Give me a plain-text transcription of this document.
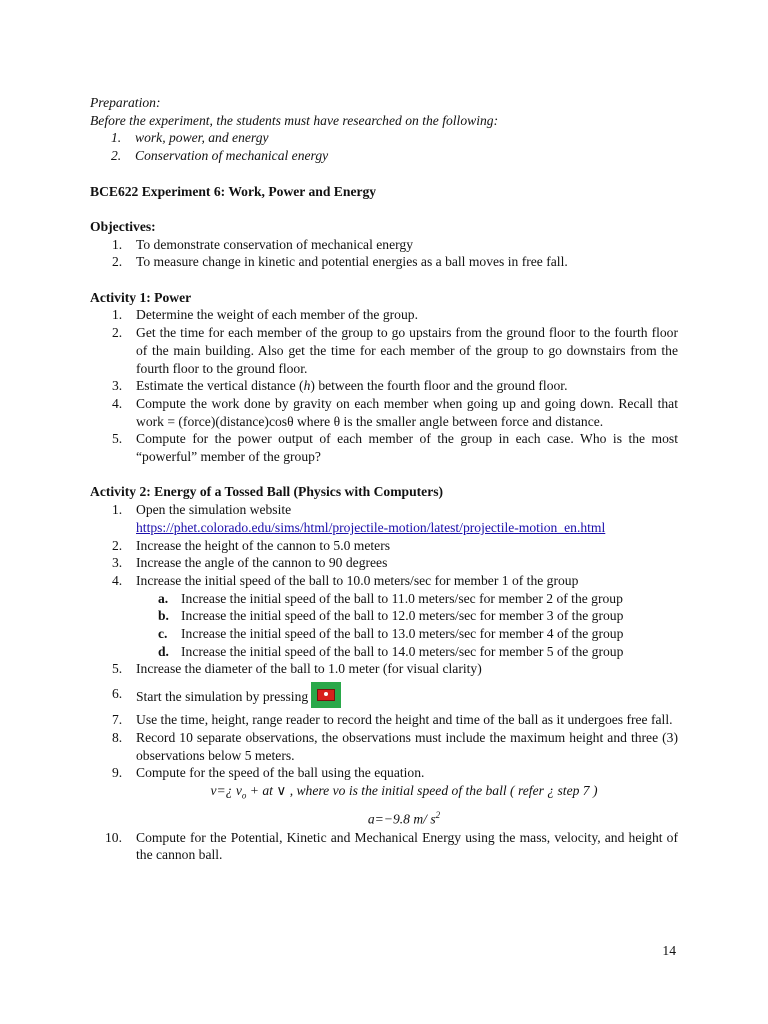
Preparation:

Before the experiment, the students must have researched on the following:

1. work, power, and energy
2. Conservation of mechanical energy

BCE622 Experiment 6: Work, Power and Energy

Objectives:

1. To demonstrate conservation of mechanical energy
2. To measure change in kinetic and potential energies as a ball moves in free fall.

Activity 1: Power

1. Determine the weight of each member of the group.
2. Get the time for each member of the group to go upstairs from the ground floor to the fourth floor of the main building. Also get the time for each member of the group to go downstairs from the fourth floor to the ground floor.
3. Estimate the vertical distance (h) between the fourth floor and the ground floor.
4. Compute the work done by gravity on each member when going up and going down. Recall that work = (force)(distance)cosθ where θ is the smaller angle between force and distance.
5. Compute for the power output of each member of the group in each case. Who is the most “powerful” member of the group?

Activity 2: Energy of a Tossed Ball (Physics with Computers)

1. Open the simulation website
https://phet.colorado.edu/sims/html/projectile-motion/latest/projectile-motion_en.html
2. Increase the height of the cannon to 5.0 meters
3. Increase the angle of the cannon to 90 degrees
4. Increase the initial speed of the ball to 10.0 meters/sec for member 1 of the group
a. Increase the initial speed of the ball to 11.0 meters/sec for member 2 of the group
b. Increase the initial speed of the ball to 12.0 meters/sec for member 3 of the group
c. Increase the initial speed of the ball to 13.0 meters/sec for member 4 of the group
d. Increase the initial speed of the ball to 14.0 meters/sec for member 5 of the group
5. Increase the diameter of the ball to 1.0 meter (for visual clarity)
6. Start the simulation by pressing
7. Use the time, height, range reader to record the height and time of the ball as it undergoes free fall.
8. Record 10 separate observations, the observations must include the maximum height and three (3) observations below 5 meters.
9. Compute for the speed of the ball using the equation.
v=¿ $v_o$ + at ∨ , where vo is the initial speed of the ball ( refer ¿ step 7 )
a=−9.8 m/ $s^2$
10. Compute for the Potential, Kinetic and Mechanical Energy using the mass, velocity, and height of the cannon ball.
14
